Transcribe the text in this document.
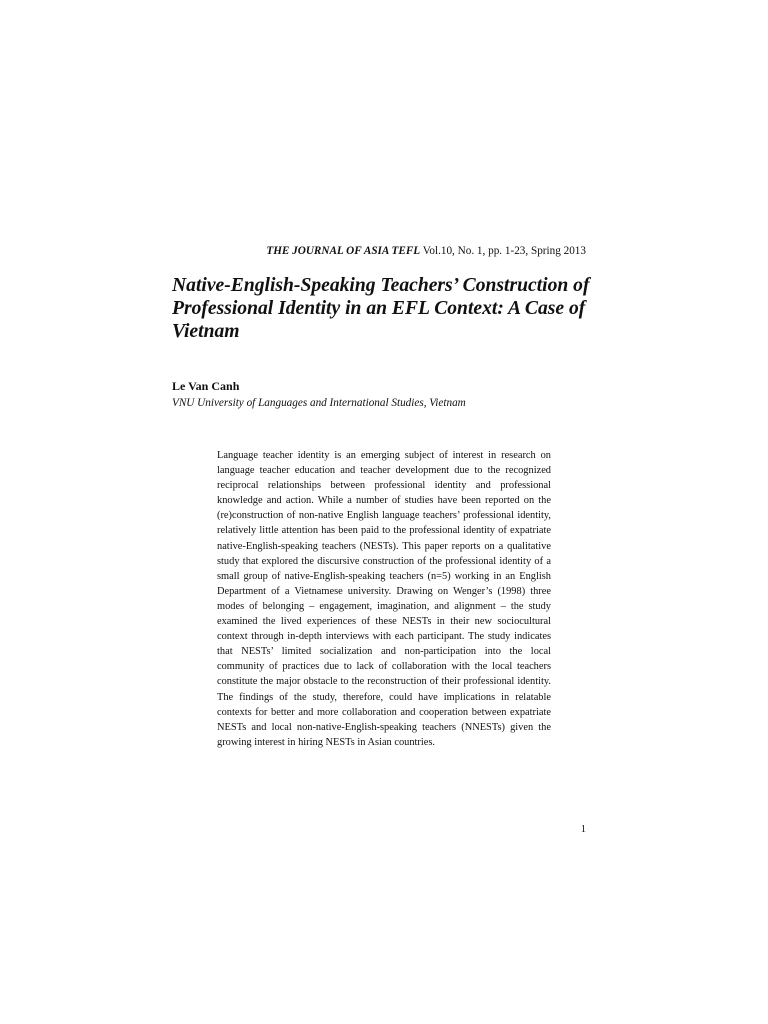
THE JOURNAL OF ASIA TEFL Vol.10, No. 1, pp. 1-23, Spring 2013
Native-English-Speaking Teachers’ Construction of Professional Identity in an EFL Context: A Case of Vietnam
Le Van Canh
VNU University of Languages and International Studies, Vietnam

Language teacher identity is an emerging subject of interest in research on language teacher education and teacher development due to the recognized reciprocal relationships between professional identity and professional knowledge and action. While a number of studies have been reported on the (re)construction of non-native English language teachers’ professional identity, relatively little attention has been paid to the professional identity of expatriate native-English-speaking teachers (NESTs). This paper reports on a qualitative study that explored the discursive construction of the professional identity of a small group of native-English-speaking teachers (n=5) working in an English Department of a Vietnamese university. Drawing on Wenger’s (1998) three modes of belonging – engagement, imagination, and alignment – the study examined the lived experiences of these NESTs in their new sociocultural context through in-depth interviews with each participant. The study indicates that NESTs’ limited socialization and non-participation into the local community of practices due to lack of collaboration with the local teachers constitute the major obstacle to the reconstruction of their professional identity. The findings of the study, therefore, could have implications in relatable contexts for better and more collaboration and cooperation between expatriate NESTs and local non-native-English-speaking teachers (NNESTs) given the growing interest in hiring NESTs in Asian countries.

1
